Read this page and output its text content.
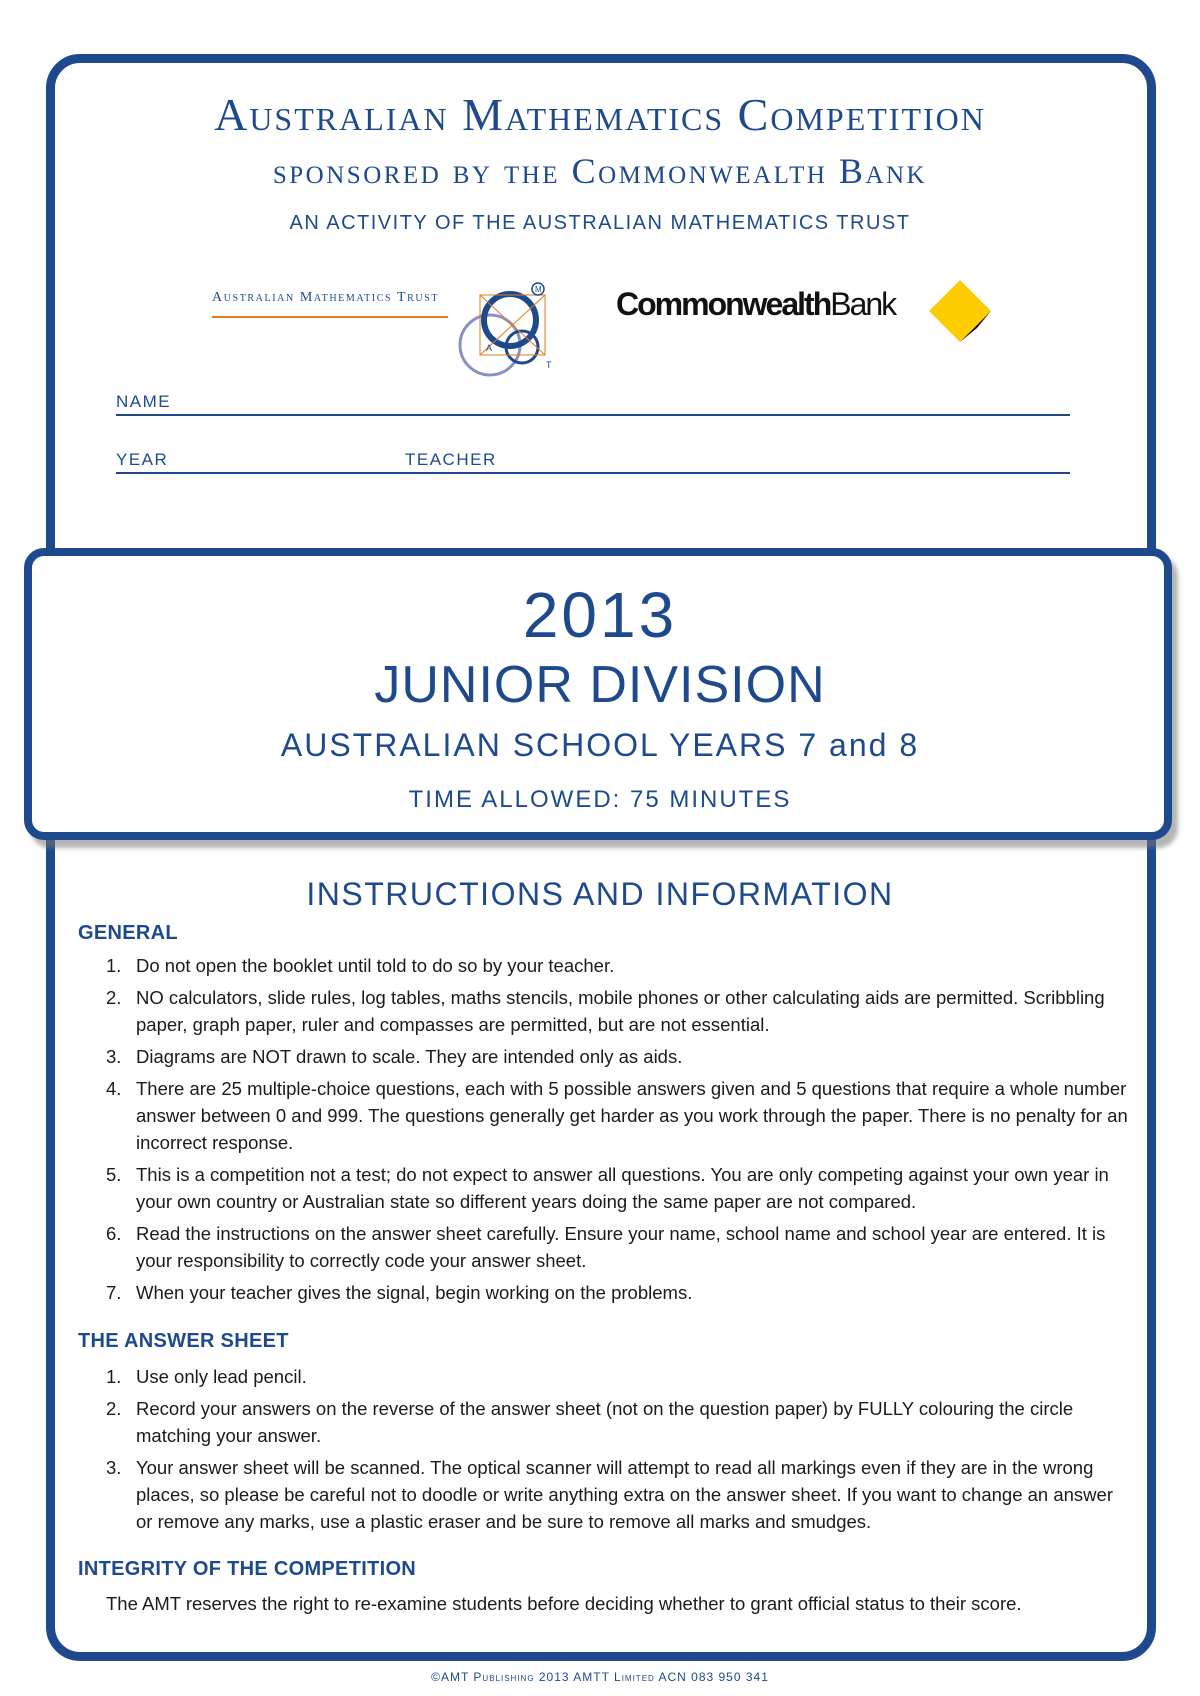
Australian Mathematics Competition
sponsored by the Commonwealth Bank
AN ACTIVITY OF THE AUSTRALIAN MATHEMATICS TRUST
Australian Mathematics Trust
M
A
T
CommonwealthBank
NAME
YEAR	TEACHER
2013
JUNIOR DIVISION
AUSTRALIAN SCHOOL YEARS 7 and 8
TIME ALLOWED: 75 MINUTES
INSTRUCTIONS AND INFORMATION
GENERAL
1. Do not open the booklet until told to do so by your teacher.
2. NO calculators, slide rules, log tables, maths stencils, mobile phones or other calculating aids are permitted. Scribbling paper, graph paper, ruler and compasses are permitted, but are not essential.
3. Diagrams are NOT drawn to scale. They are intended only as aids.
4. There are 25 multiple-choice questions, each with 5 possible answers given and 5 questions that require a whole number answer between 0 and 999. The questions generally get harder as you work through the paper. There is no penalty for an incorrect response.
5. This is a competition not a test; do not expect to answer all questions. You are only competing against your own year in your own country or Australian state so different years doing the same paper are not compared.
6. Read the instructions on the answer sheet carefully. Ensure your name, school name and school year are entered. It is your responsibility to correctly code your answer sheet.
7. When your teacher gives the signal, begin working on the problems.
THE ANSWER SHEET
1. Use only lead pencil.
2. Record your answers on the reverse of the answer sheet (not on the question paper) by FULLY colouring the circle matching your answer.
3. Your answer sheet will be scanned. The optical scanner will attempt to read all markings even if they are in the wrong places, so please be careful not to doodle or write anything extra on the answer sheet. If you want to change an answer or remove any marks, use a plastic eraser and be sure to remove all marks and smudges.
INTEGRITY OF THE COMPETITION
The AMT reserves the right to re-examine students before deciding whether to grant official status to their score.
©AMT Publishing 2013 AMTT Limited ACN 083 950 341
